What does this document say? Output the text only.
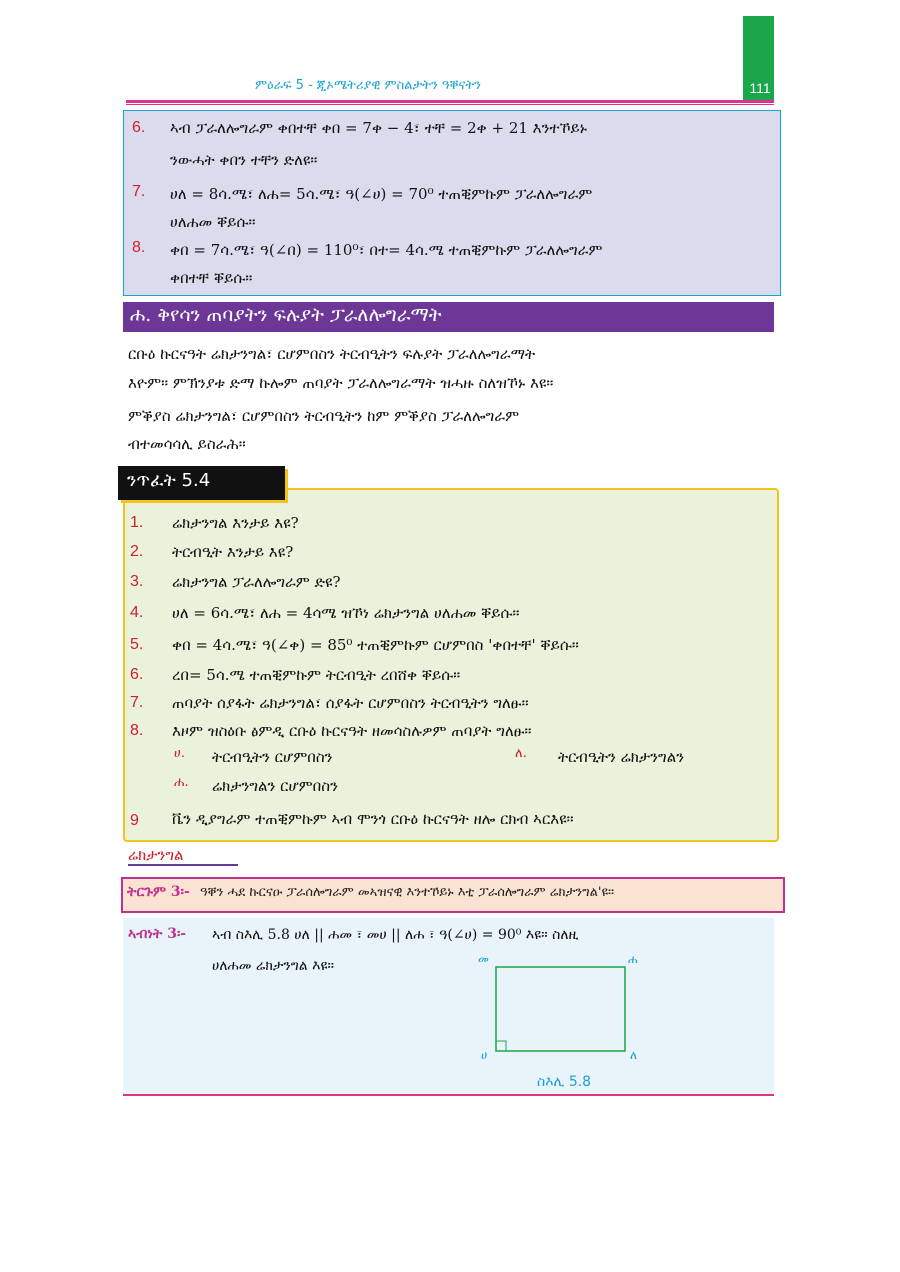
111
ምዕራፍ 5 - ጂኦሜትሪያዊ ምስልታትን ዓቐናትን
6. ኣብ ፓራለሎግራም ቀበተቸ ቀበ = 7ቀ − 4፣ ተቸ = 2ቀ + 21 እንተኾይኑ
ንውሓት ቀበን ተቸን ድለዩ።
7. ሀለ = 8ሳ.ሜ፣ ለሐ= 5ሳ.ሜ፣ ዓ(∠ሀ) = 70⁰ ተጠቒምኩም ፓራለሎግራም
ሀለሐመ ቐይሱ።
8. ቀበ = 7ሳ.ሜ፣ ዓ(∠በ) = 110⁰፣ በተ= 4ሳ.ሜ ተጠቒምኩም ፓራለሎግራም
ቀበተቸ ቐይሱ።
ሐ. ቅየሳን ጠባያትን ፍሉያት ፓራለሎግራማት
ርቡዕ ኩርናዓት ሬክታንግል፣ ርሆምበስን ትርብዒትን ፍሉያት ፓራለሎግራማት
እዮም። ምኽንያቱ ድማ ኩሎም ጠባያት ፓራለሎግራማት ዝሓዙ ስለዝኾኑ እዩ።
ምቕያስ ሬክታንግል፣ ርሆምበስን ትርብዒትን ከም ምቕያስ ፓራለሎግራም
ብተመሳሳሊ ይስራሕ።
ንጥፈት 5.4
1. ሬክታንግል እንታይ እዩ?
2. ትርብዒት እንታይ እዩ?
3. ሬክታንግል ፓራለሎግራም ድዩ?
4. ሀለ = 6ሳ.ሜ፣ ለሐ = 4ሳሜ ዝኾነ ሬክታንግል ሀለሐመ ቐይሱ።
5. ቀበ = 4ሳ.ሜ፣ ዓ(∠ቀ) = 85⁰ ተጠቒምኩም ርሆምበስ 'ቀበተቸ' ቐይሱ።
6. ረበ= 5ሳ.ሜ ተጠቒምኩም ትርብዒት ረበሸቀ ቐይሱ።
7. ጠባያት ሰያፋት ሬክታንግል፣ ሰያፋት ርሆምበስን ትርብዒትን ግለፁ።
8. እዞም ዝስዕቡ ፅምዲ ርቡዕ ኩርናዓት ዘመሳስሉዎም ጠባያት ግለፁ።
ሀ. ትርብዒትን ርሆምበስን	ለ. ትርብዒትን ሬክታንግልን
ሐ. ሬክታንግልን ርሆምበስን
9 ቬን ዲያግራም ተጠቒምኩም ኣብ ሞንጎ ርቡዕ ኩርናዓት ዘሎ ርክብ ኣርእዩ።
ሬክታንግል
ትርጉም 3፡- ዓቐን ሓደ ኩርናዑ ፓራሰሎግራም መኣዝናዊ እንተኾይኑ እቲ ፓራሰሎግራም ሬክታንግል'ዩ።
ኣብነት 3፡- ኣብ ስእሊ 5.8 ሀለ || ሐመ ፣ መሀ || ለሐ ፣ ዓ(∠ሀ) = 90⁰ እዩ። ስለዚ
ሀለሐመ ሬክታንግል እዩ።	መ	ሐ
ሀ	ለ
ስእሊ 5.8
